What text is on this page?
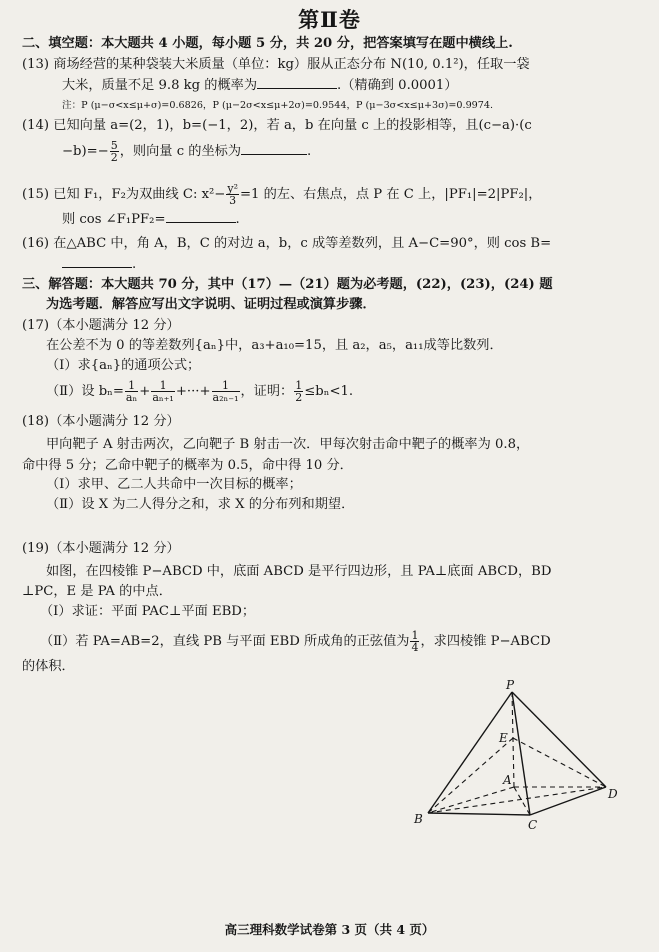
第Ⅱ卷
二、填空题：本大题共 4 小题，每小题 5 分，共 20 分，把答案填写在题中横线上.
(13) 商场经营的某种袋装大米质量（单位：kg）服从正态分布 N(10, 0.1²)，任取一袋
大米，质量不足 9.8 kg 的概率为	.（精确到 0.0001）
注：P (μ−σ<x≤μ+σ)=0.6826，P (μ−2σ<x≤μ+2σ)=0.9544，P (μ−3σ<x≤μ+3σ)=0.9974.
(14) 已知向量 a=(2，1)，b=(−1，2)，若 a，b 在向量 c 上的投影相等，且(c−a)·(c
$-b)=- \frac{5}{2}$ ，则向量 c 的坐标为	.
(15) 已知 F₁，F₂为双曲线 C: $x^2- \frac{\text{y²}}{3} =1$ 的左、右焦点，点 P 在 C 上，|PF₁|=2|PF₂|，
则 cos ∠F₁PF₂=	.
(16) 在△ABC 中，角 A，B，C 的对边 a，b，c 成等差数列，且 A−C=90°，则 cos B=
.
三、解答题：本大题共 70 分，其中（17）—（21）题为必考题，(22)，(23)，(24) 题
为选考题．解答应写出文字说明、证明过程或演算步骤．
(17)（本小题满分 12 分）
在公差不为 0 的等差数列{aₙ}中，a₃+a₁₀=15，且 a₂，a₅，a₁₁成等比数列．
（Ⅰ）求{aₙ}的通项公式；
（Ⅱ）设 $b_n= \frac{1}{\text{aₙ}} + \frac{1}{\text{aₙ₊₁}}$ +···+ $\frac{1}{\text{a₂ₙ₋₁}}$ ，证明： $\frac{1}{2} \le b_n<1$.
(18)（本小题满分 12 分）
甲向靶子 A 射击两次，乙向靶子 B 射击一次．甲每次射击命中靶子的概率为 0.8，
命中得 5 分；乙命中靶子的概率为 0.5，命中得 10 分．
（Ⅰ）求甲、乙二人共命中一次目标的概率；
（Ⅱ）设 X 为二人得分之和，求 X 的分布列和期望．
(19)（本小题满分 12 分）
如图，在四棱锥 P−ABCD 中，底面 ABCD 是平行四边形，且 PA⊥底面 ABCD，BD
⊥PC，E 是 PA 的中点．
（Ⅰ）求证：平面 PAC⊥平面 EBD；
（Ⅱ）若 PA=AB=2，直线 PB 与平面 EBD 所成角的正弦值为 $\frac{1}{4}$ ，求四棱锥 P−ABCD
的体积．
P
E
A
B	C
D
高三理科数学试卷第 3 页（共 4 页）
